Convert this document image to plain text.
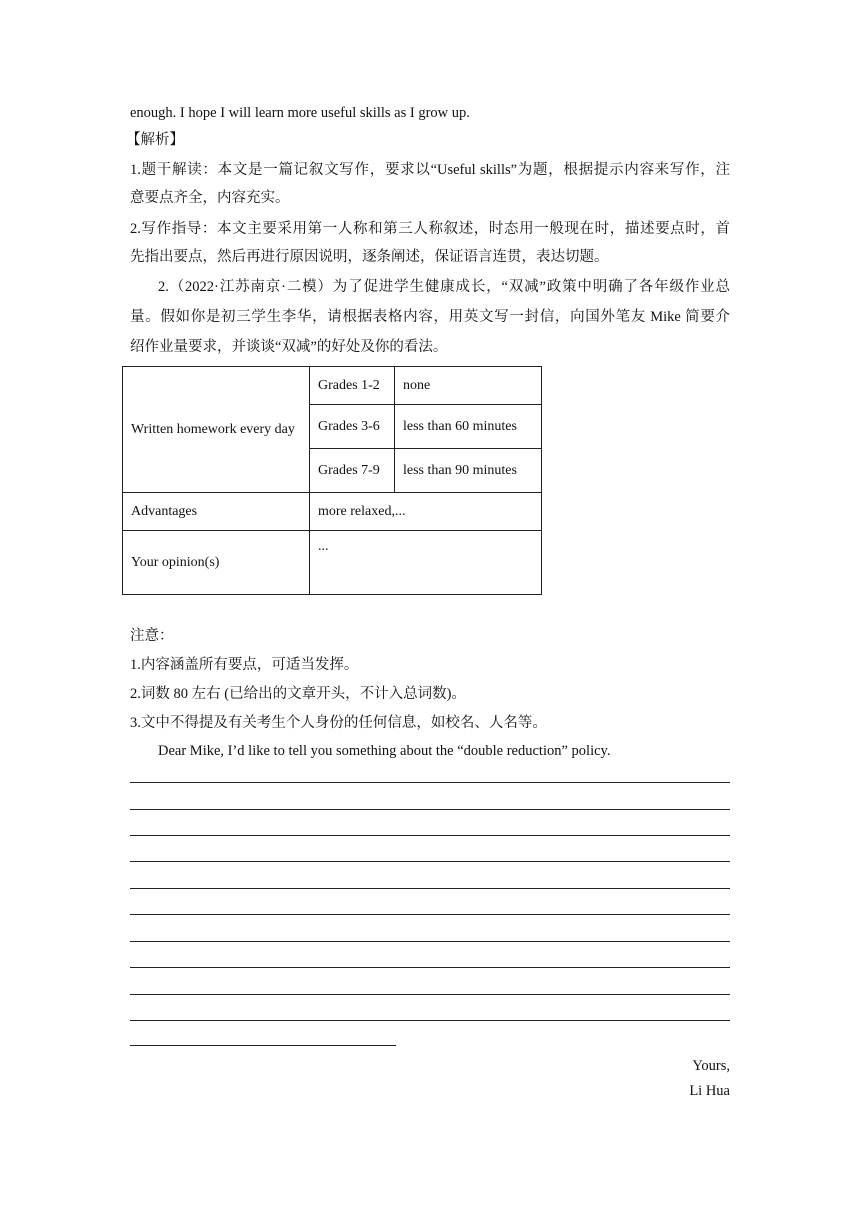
enough. I hope I will learn more useful skills as I grow up.
【解析】
1.题干解读：本文是一篇记叙文写作，要求以“Useful skills”为题，根据提示内容来写作，注
意要点齐全，内容充实。
2.写作指导：本文主要采用第一人称和第三人称叙述，时态用一般现在时，描述要点时，首
先指出要点，然后再进行原因说明，逐条阐述，保证语言连贯，表达切题。
2.（2022·江苏南京·二模）为了促进学生健康成长，“双减”政策中明确了各年级作业总
量。假如你是初三学生李华，请根据表格内容，用英文写一封信，向国外笔友 Mike 简要介
绍作业量要求，并谈谈“双减”的好处及你的看法。
Written homework every day	Grades 1-2	none
	Grades 3-6	less than 60 minutes
	Grades 7-9	less than 90 minutes
Advantages	more relaxed,...	
Your opinion(s)	...	
注意：
1.内容涵盖所有要点，可适当发挥。
2.词数 80 左右 (已给出的文章开头，不计入总词数)。
3.文中不得提及有关考生个人身份的任何信息，如校名、人名等。
Dear Mike, I’d like to tell you something about the “double reduction” policy.
Yours,
Li Hua
